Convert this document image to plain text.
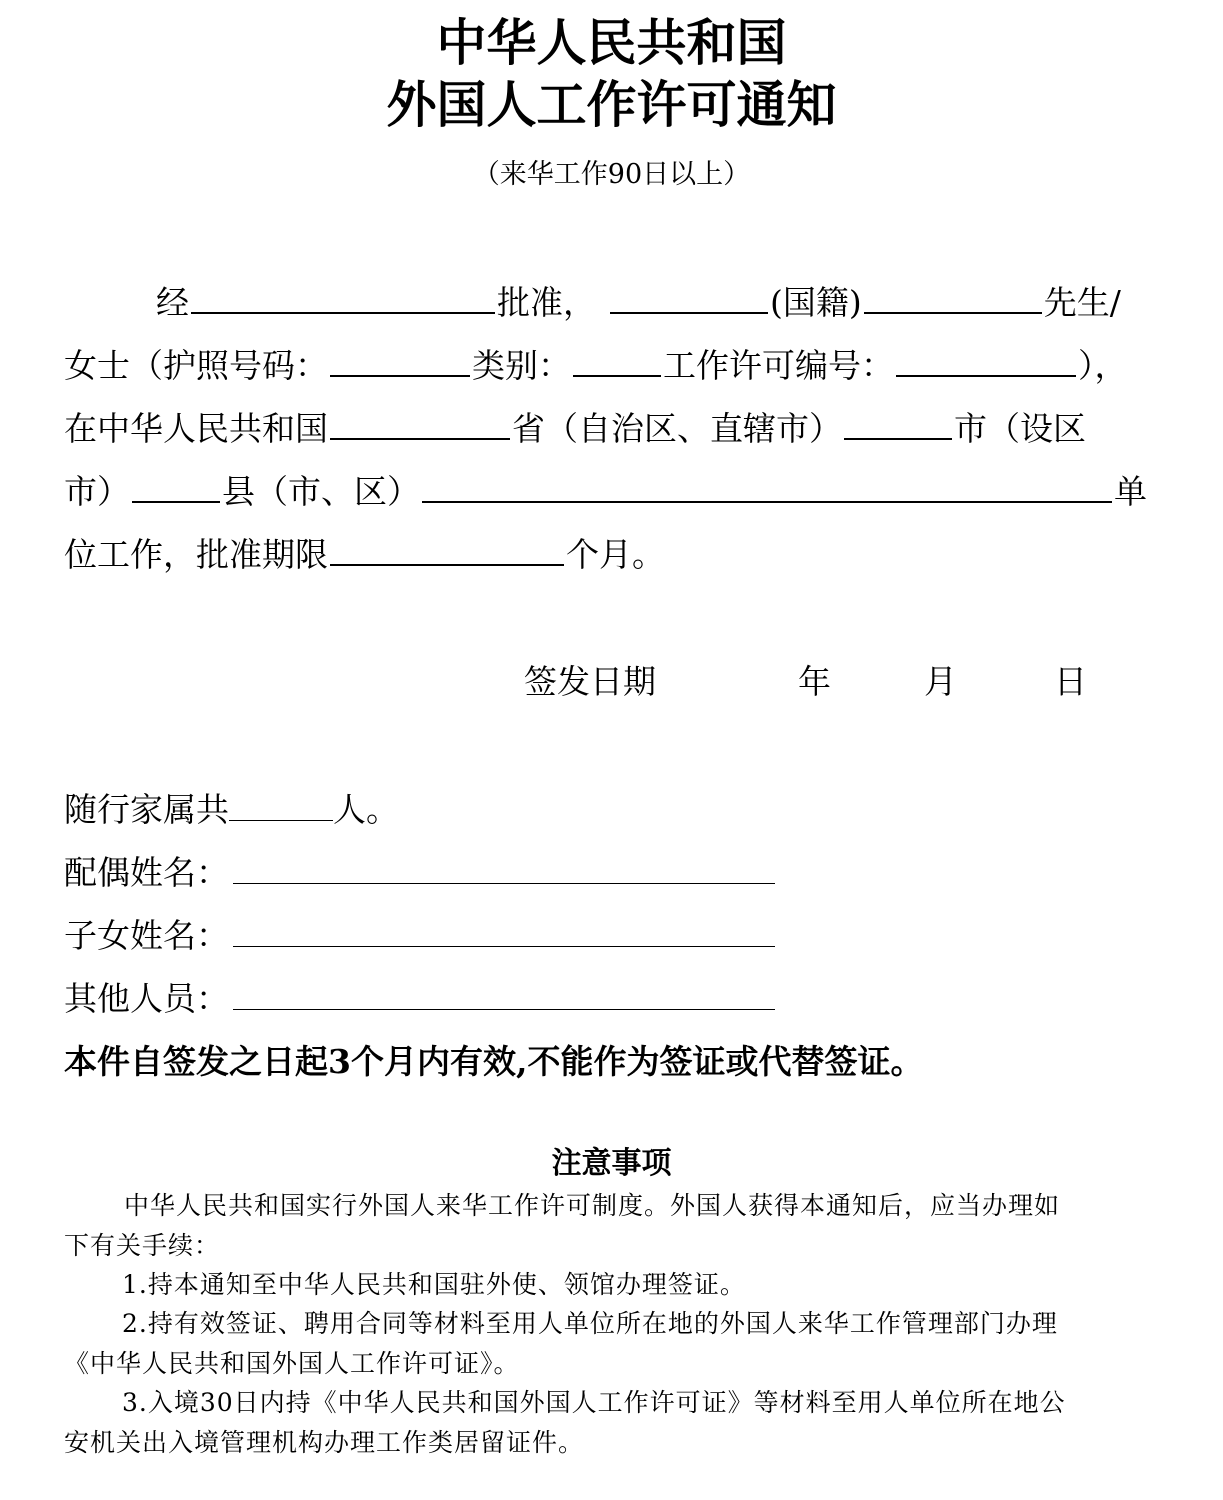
中华人民共和国
外国人工作许可通知
（来华工作90日以上）
经	批准，	(国籍)	先生/
女士（护照号码：	类别：	工作许可编号：	），
在中华人民共和国	省（自治区、直辖市）	市（设区
市）	县（市、区）	单
位工作，批准期限	个月。
签发日期	年	月	日
随行家属共	人。
配偶姓名：
子女姓名：
其他人员：
本件自签发之日起3个月内有效,不能作为签证或代替签证。
注意事项
中华人民共和国实行外国人来华工作许可制度。外国人获得本通知后，应当办理如
下有关手续：
1.持本通知至中华人民共和国驻外使、领馆办理签证。
2.持有效签证、聘用合同等材料至用人单位所在地的外国人来华工作管理部门办理
《中华人民共和国外国人工作许可证》。
3.入境30日内持《中华人民共和国外国人工作许可证》等材料至用人单位所在地公
安机关出入境管理机构办理工作类居留证件。
